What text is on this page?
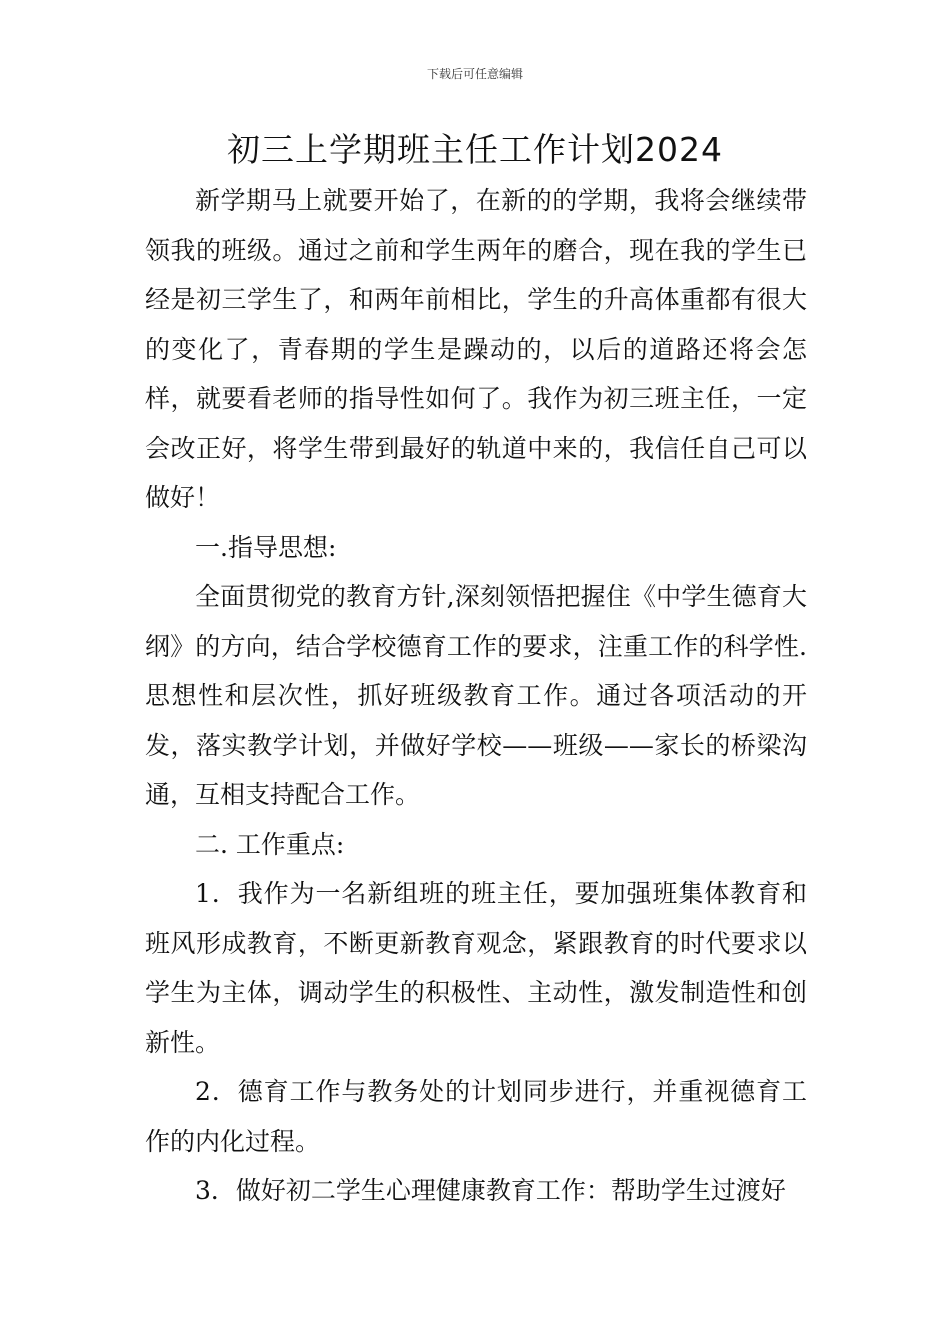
下载后可任意编辑
初三上学期班主任工作计划2024

新学期马上就要开始了，在新的的学期，我将会继续带领我的班级。通过之前和学生两年的磨合，现在我的学生已经是初三学生了，和两年前相比，学生的升高体重都有很大的变化了，青春期的学生是躁动的，以后的道路还将会怎样，就要看老师的指导性如何了。我作为初三班主任，一定会改正好，将学生带到最好的轨道中来的，我信任自己可以做好！

一.指导思想:

全面贯彻党的教育方针,深刻领悟把握住《中学生德育大纲》的方向，结合学校德育工作的要求，注重工作的科学性.思想性和层次性，抓好班级教育工作。通过各项活动的开发，落实教学计划，并做好学校——班级——家长的桥梁沟通，互相支持配合工作。

二. 工作重点:

1．我作为一名新组班的班主任，要加强班集体教育和班风形成教育，不断更新教育观念，紧跟教育的时代要求以学生为主体，调动学生的积极性、主动性，激发制造性和创新性。

2．德育工作与教务处的计划同步进行，并重视德育工作的内化过程。

3．做好初二学生心理健康教育工作：帮助学生过渡好
